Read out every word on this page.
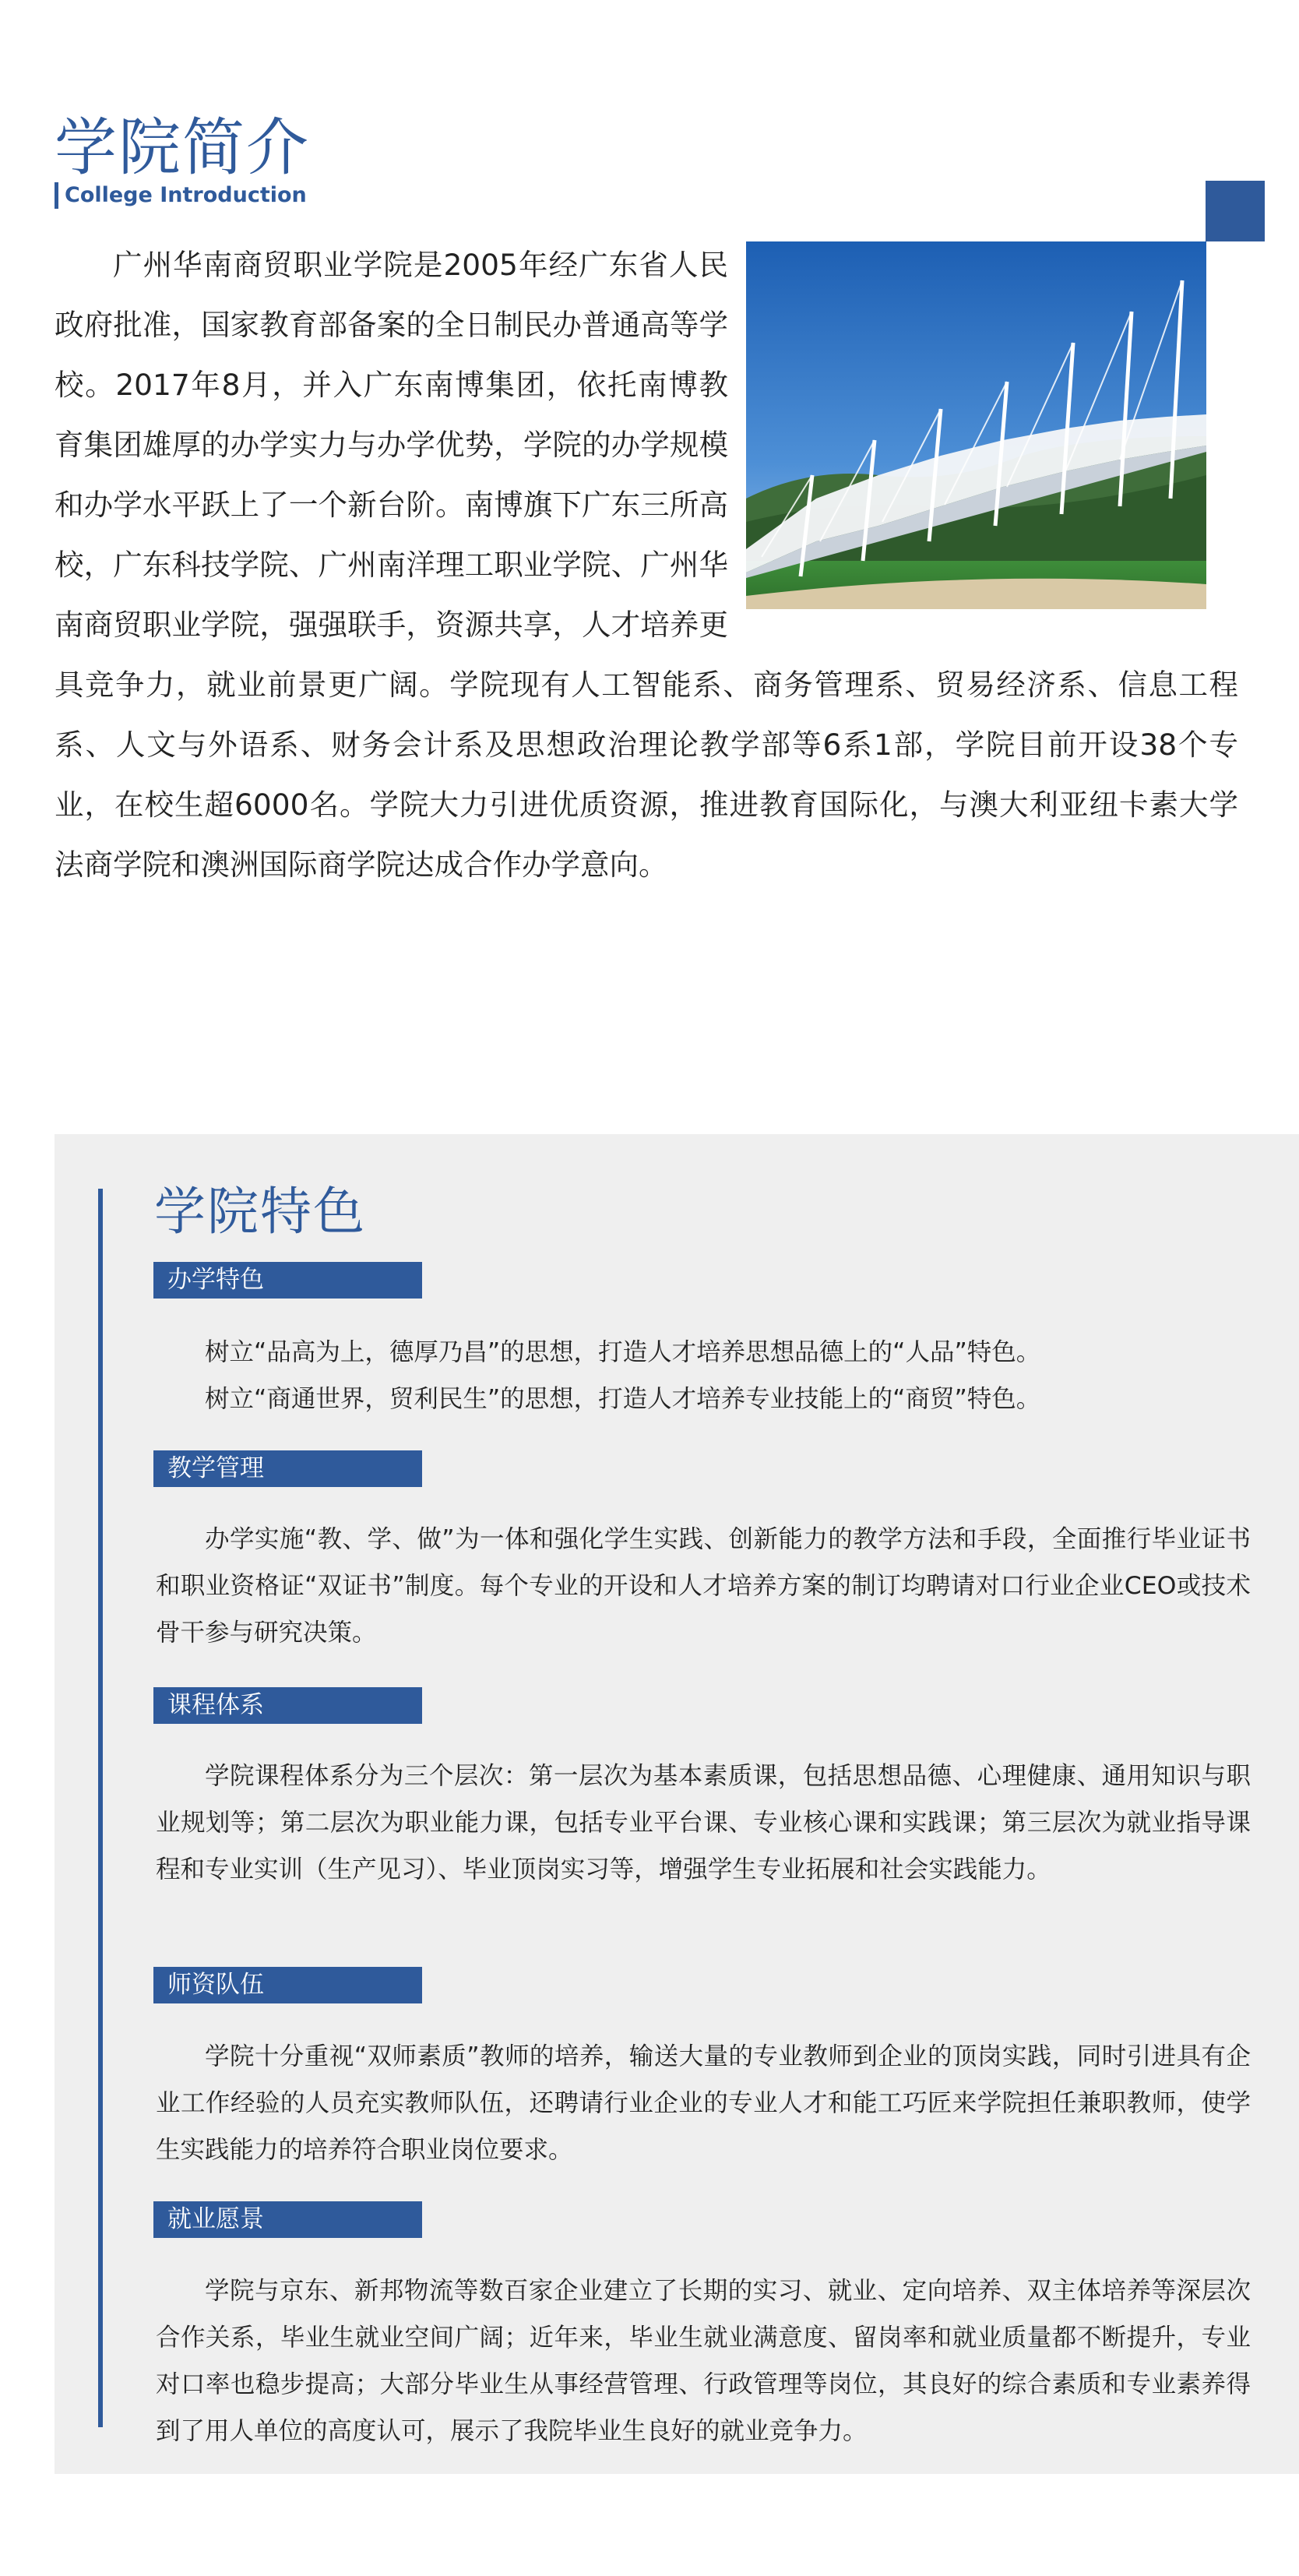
学院简介
College Introduction
广州华南商贸职业学院是2005年经广东省人民政府批准，国家教育部备案的全日制民办普通高等学校。2017年8月，并入广东南博集团，依托南博教育集团雄厚的办学实力与办学优势，学院的办学规模和办学水平跃上了一个新台阶。南博旗下广东三所高校，广东科技学院、广州南洋理工职业学院、广州华南商贸职业学院，强强联手，资源共享，人才培养更具竞争力，就业前景更广阔。学院现有人工智能系、商务管理系、贸易经济系、信息工程系、人文与外语系、财务会计系及思想政治理论教学部等6系1部，学院目前开设38个专业，在校生超6000名。学院大力引进优质资源，推进教育国际化，与澳大利亚纽卡素大学法商学院和澳洲国际商学院达成合作办学意向。
学院特色
办学特色

树立“品高为上，德厚乃昌”的思想，打造人才培养思想品德上的“人品”特色。

树立“商通世界，贸利民生”的思想，打造人才培养专业技能上的“商贸”特色。

教学管理

办学实施“教、学、做”为一体和强化学生实践、创新能力的教学方法和手段，全面推行毕业证书和职业资格证“双证书”制度。每个专业的开设和人才培养方案的制订均聘请对口行业企业CEO或技术骨干参与研究决策。

课程体系

学院课程体系分为三个层次：第一层次为基本素质课，包括思想品德、心理健康、通用知识与职业规划等；第二层次为职业能力课，包括专业平台课、专业核心课和实践课；第三层次为就业指导课程和专业实训（生产见习）、毕业顶岗实习等，增强学生专业拓展和社会实践能力。

师资队伍

学院十分重视“双师素质”教师的培养，输送大量的专业教师到企业的顶岗实践，同时引进具有企业工作经验的人员充实教师队伍，还聘请行业企业的专业人才和能工巧匠来学院担任兼职教师，使学生实践能力的培养符合职业岗位要求。

就业愿景

学院与京东、新邦物流等数百家企业建立了长期的实习、就业、定向培养、双主体培养等深层次合作关系，毕业生就业空间广阔；近年来，毕业生就业满意度、留岗率和就业质量都不断提升，专业对口率也稳步提高；大部分毕业生从事经营管理、行政管理等岗位，其良好的综合素质和专业素养得到了用人单位的高度认可，展示了我院毕业生良好的就业竞争力。
